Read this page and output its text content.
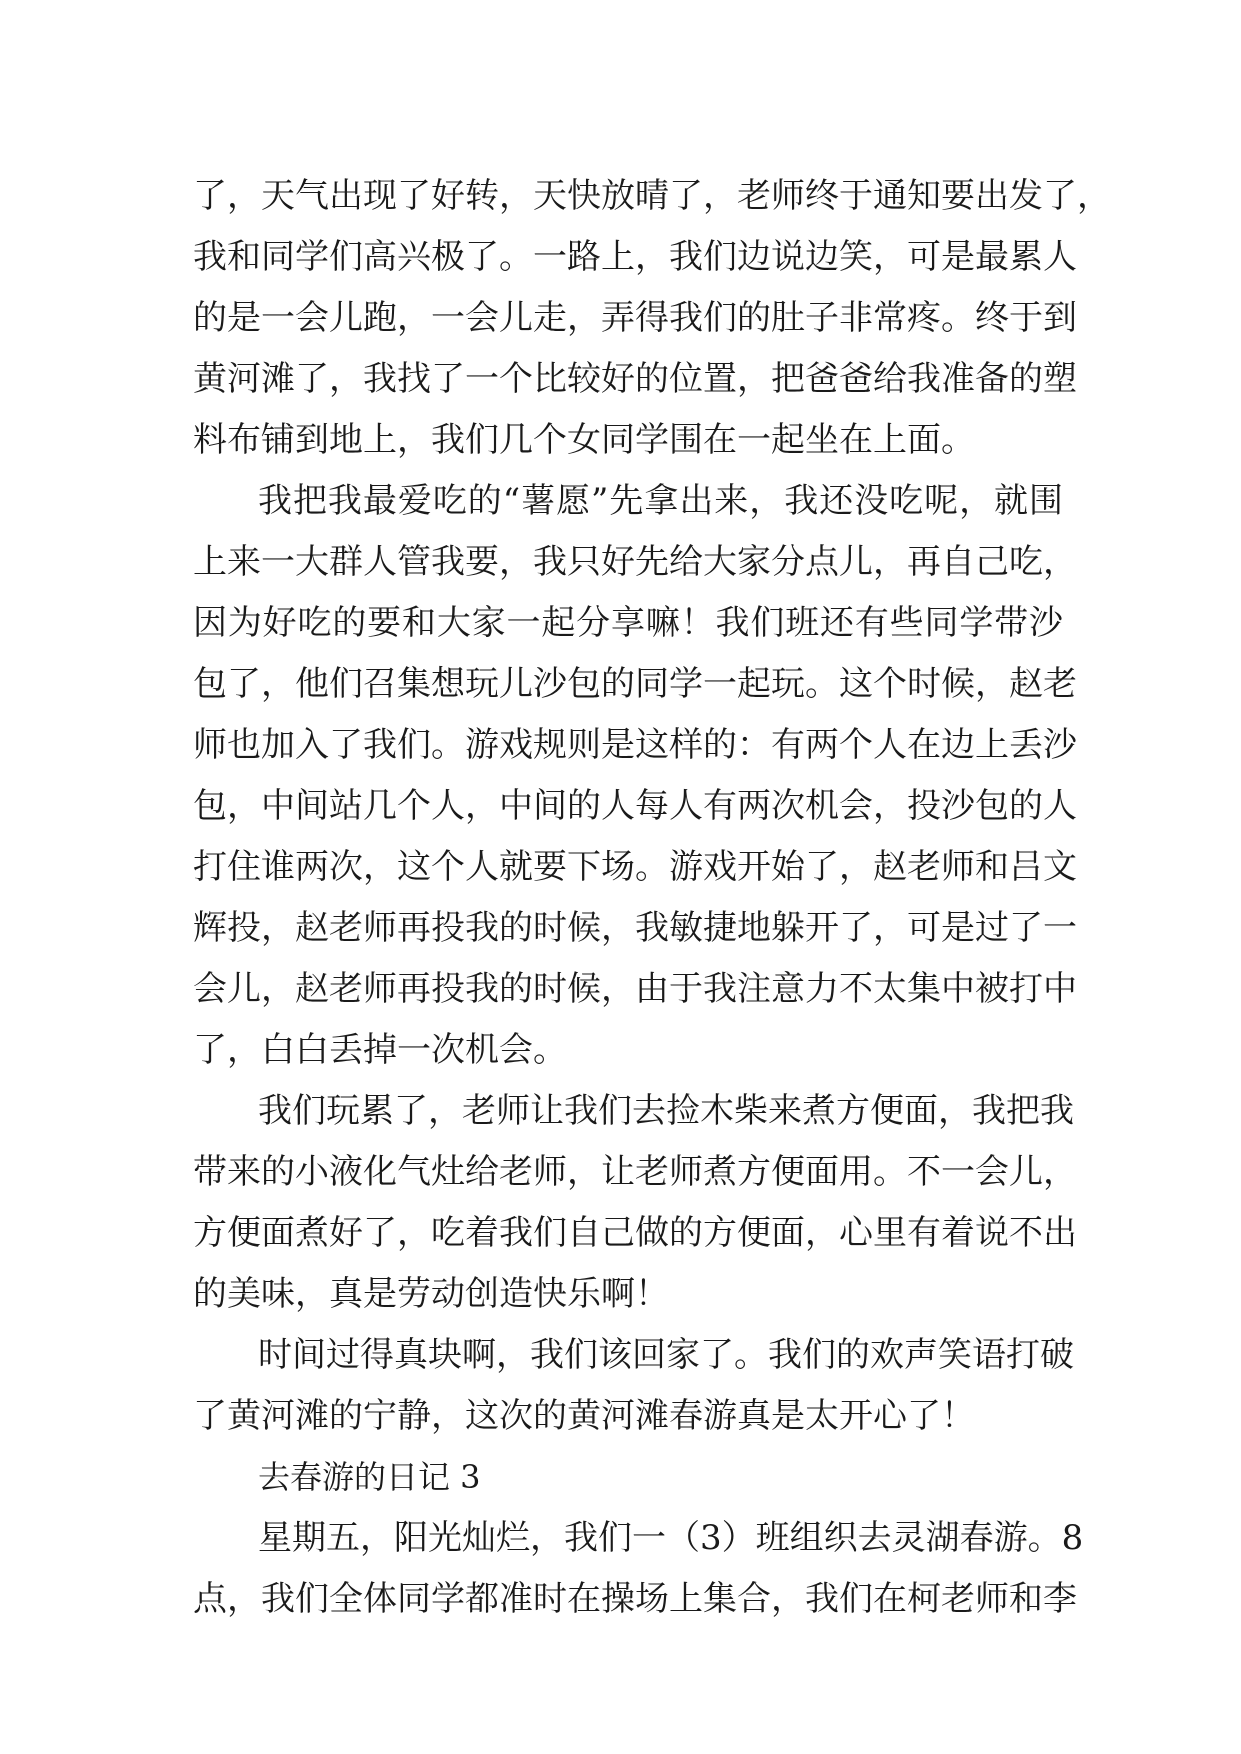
了，天气出现了好转，天快放晴了，老师终于通知要出发了，
我和同学们高兴极了。一路上，我们边说边笑，可是最累人
的是一会儿跑，一会儿走，弄得我们的肚子非常疼。终于到
黄河滩了，我找了一个比较好的位置，把爸爸给我准备的塑
料布铺到地上，我们几个女同学围在一起坐在上面。
我把我最爱吃的“薯愿”先拿出来，我还没吃呢，就围
上来一大群人管我要，我只好先给大家分点儿，再自己吃，
因为好吃的要和大家一起分享嘛！我们班还有些同学带沙
包了，他们召集想玩儿沙包的同学一起玩。这个时候，赵老
师也加入了我们。游戏规则是这样的：有两个人在边上丢沙
包，中间站几个人，中间的人每人有两次机会，投沙包的人
打住谁两次，这个人就要下场。游戏开始了，赵老师和吕文
辉投，赵老师再投我的时候，我敏捷地躲开了，可是过了一
会儿，赵老师再投我的时候，由于我注意力不太集中被打中
了，白白丢掉一次机会。
我们玩累了，老师让我们去捡木柴来煮方便面，我把我
带来的小液化气灶给老师，让老师煮方便面用。不一会儿，
方便面煮好了，吃着我们自己做的方便面，心里有着说不出
的美味，真是劳动创造快乐啊！
时间过得真块啊，我们该回家了。我们的欢声笑语打破
了黄河滩的宁静，这次的黄河滩春游真是太开心了！
去春游的日记 3
星期五，阳光灿烂，我们一（3）班组织去灵湖春游。8
点，我们全体同学都准时在操场上集合，我们在柯老师和李
